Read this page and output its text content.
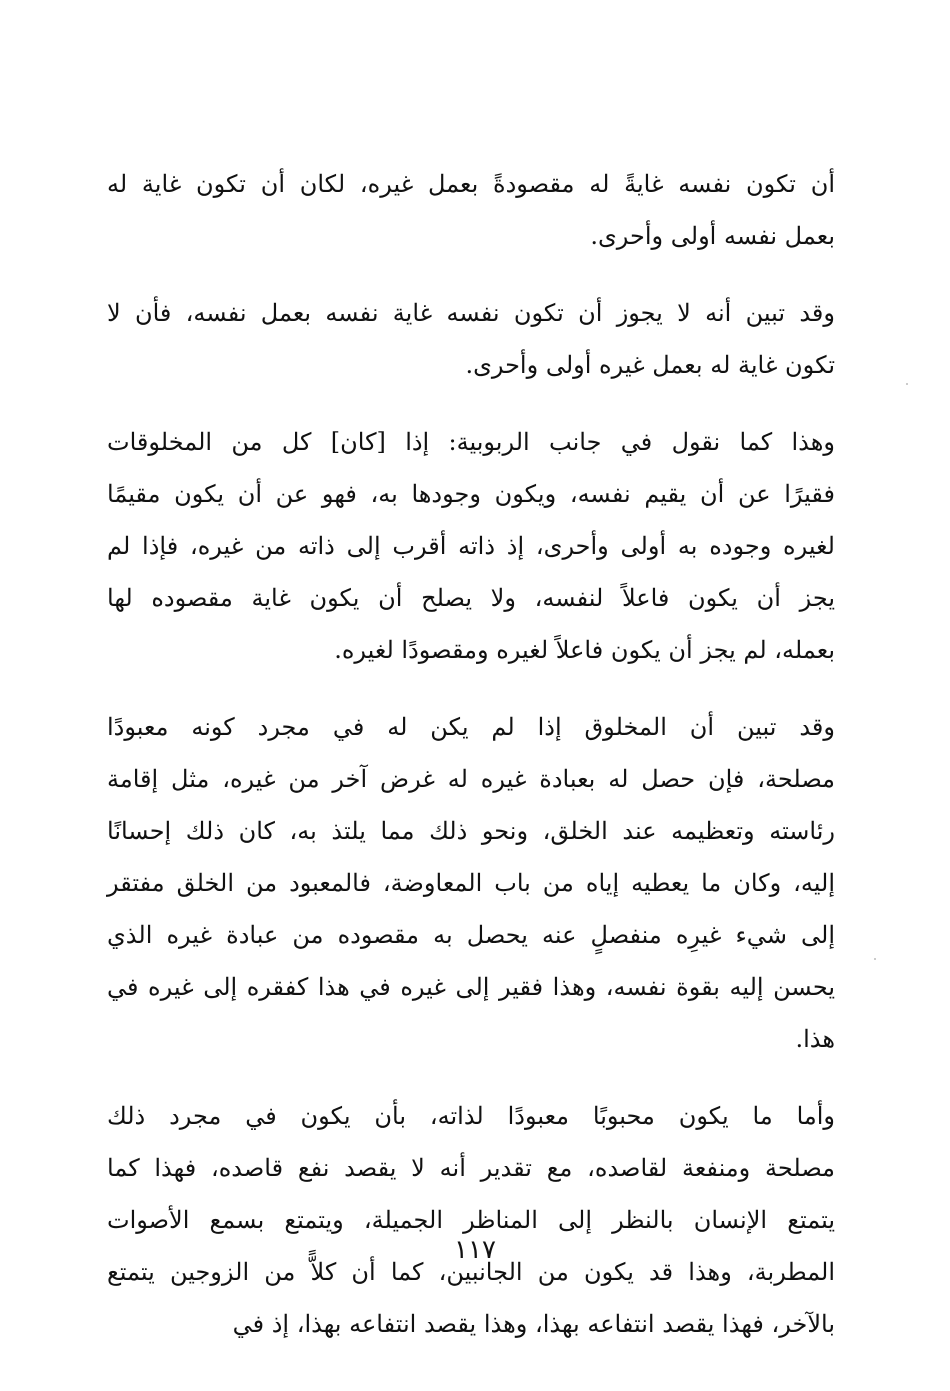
أن تكون نفسه غايةً له مقصودةً بعمل غيره، لكان أن تكون غاية له
بعمل نفسه أولى وأحرى.
وقد تبين أنه لا يجوز أن تكون نفسه غاية نفسه بعمل نفسه، فأن لا
تكون غاية له بعمل غيره أولى وأحرى.
وهذا كما نقول في جانب الربوبية: إذا [كان] كل من المخلوقات
فقيرًا عن أن يقيم نفسه، ويكون وجودها به، فهو عن أن يكون مقيمًا
لغيره وجوده به أولى وأحرى، إذ ذاته أقرب إلى ذاته من غيره، فإذا لم
يجز أن يكون فاعلاً لنفسه، ولا يصلح أن يكون غاية مقصوده لها
بعمله، لم يجز أن يكون فاعلاً لغيره ومقصودًا لغيره.
وقد تبين أن المخلوق إذا لم يكن له في مجرد كونه معبودًا
مصلحة، فإن حصل له بعبادة غيره له غرض آخر من غيره، مثل إقامة
رئاسته وتعظيمه عند الخلق، ونحو ذلك مما يلتذ به، كان ذلك إحسانًا
إليه، وكان ما يعطيه إياه من باب المعاوضة، فالمعبود من الخلق مفتقر
إلى شيء غيرِه منفصلٍ عنه يحصل به مقصوده من عبادة غيره الذي
يحسن إليه بقوة نفسه، وهذا فقير إلى غيره في هذا كفقره إلى غيره في
هذا.
وأما ما يكون محبوبًا معبودًا لذاته، بأن يكون في مجرد ذلك
مصلحة ومنفعة لقاصده، مع تقدير أنه لا يقصد نفع قاصده، فهذا كما
يتمتع الإنسان بالنظر إلى المناظر الجميلة، ويتمتع بسمع الأصوات
المطربة، وهذا قد يكون من الجانبين، كما أن كلاًّ من الزوجين يتمتع
بالآخر، فهذا يقصد انتفاعه بهذا، وهذا يقصد انتفاعه بهذا، إذ في
١١٧
